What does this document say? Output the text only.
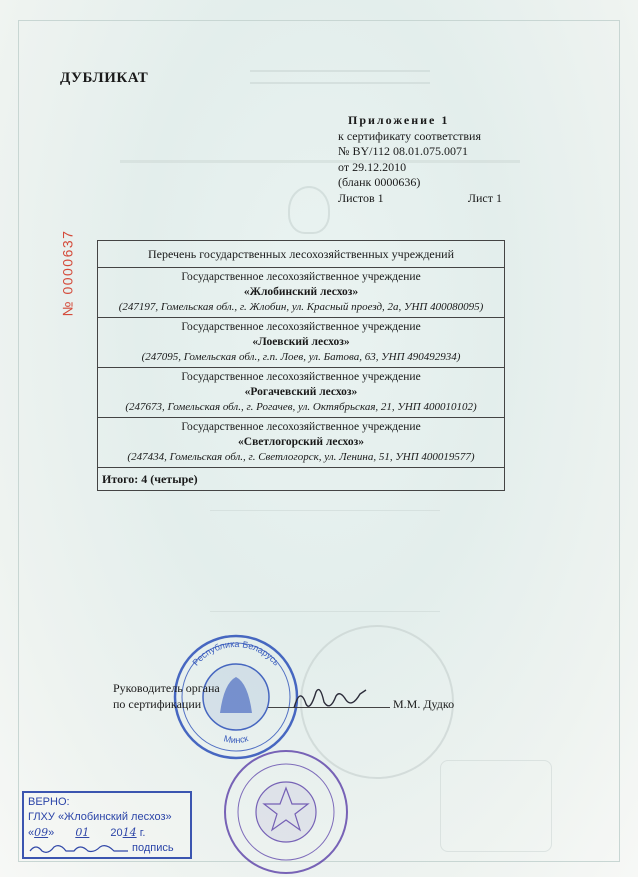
ДУБЛИКАТ
Приложение 1
к сертификату соответствия
№ BY/112 08.01.075.0071
от 29.12.2010
(бланк 0000636)
Листов 1	Лист 1
№ 0000637	Перечень государственных лесохозяйственных учреждений

Государственное лесохозяйственное учреждение
«Жлобинский лесхоз»
(247197, Гомельская обл., г. Жлобин, ул. Красный проезд, 2а, УНП 400080095)

Государственное лесохозяйственное учреждение
«Лоевский лесхоз»
(247095, Гомельская обл., г.п. Лоев, ул. Батова, 63, УНП 490492934)

Государственное лесохозяйственное учреждение
«Рогачевский лесхоз»
(247673, Гомельская обл., г. Рогачев, ул. Октябрьская, 21, УНП 400010102)

Государственное лесохозяйственное учреждение
«Светлогорский лесхоз»
(247434, Гомельская обл., г. Светлогорск, ул. Ленина, 51, УНП 400019577)

Итого: 4 (четыре)
Республика Беларусь
Минск
Руководитель органа
по сертификации	М.М. Дудко
ВЕРНО:
ГЛХУ «Жлобинский лесхоз»
«09» 01 2014 г.
подпись
